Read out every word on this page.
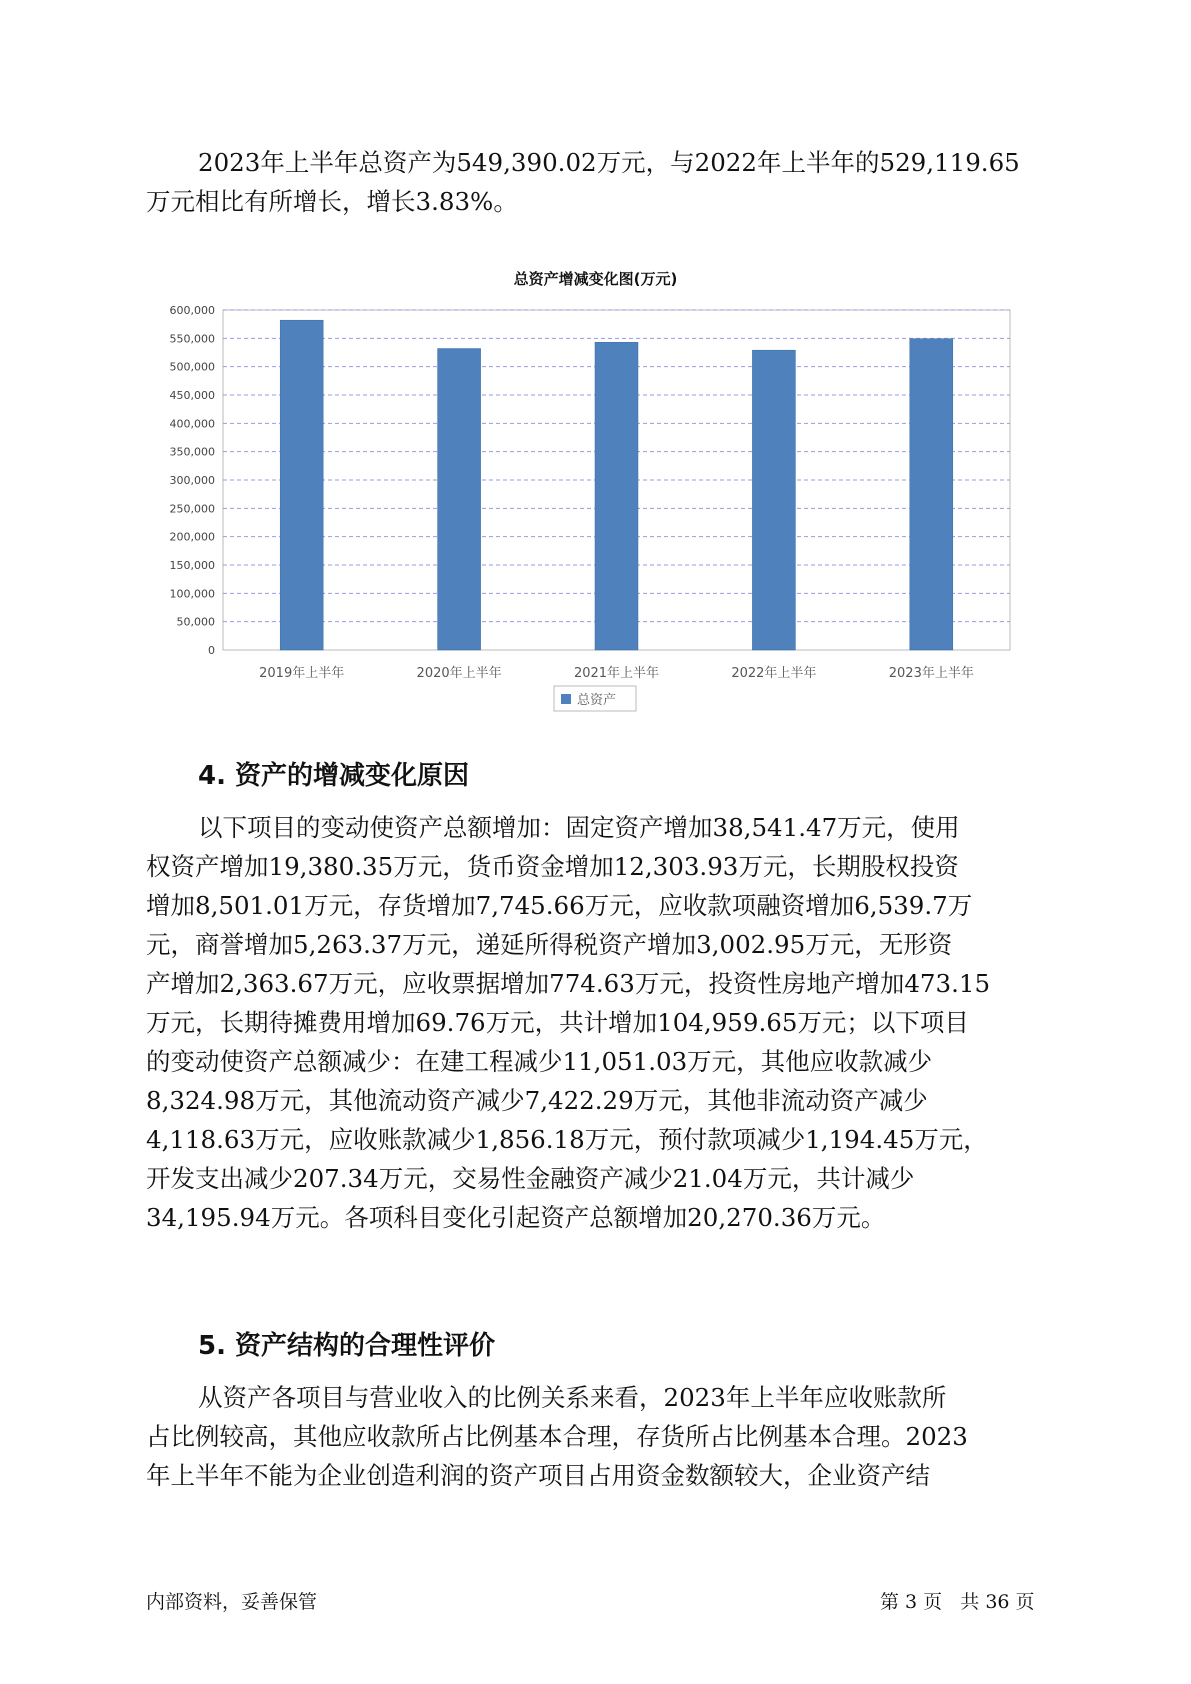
2023年上半年总资产为549,390.02万元，与2022年上半年的529,119.65
万元相比有所增长，增长3.83%。
总资产增减变化图(万元)
0
50,000
100,000
150,000
200,000
250,000
300,000
350,000
400,000
450,000
500,000
550,000
600,000
2019年上半年	2020年上半年	2021年上半年	2022年上半年	2023年上半年
总资产
4. 资产的增减变化原因
以下项目的变动使资产总额增加：固定资产增加38,541.47万元，使用
权资产增加19,380.35万元，货币资金增加12,303.93万元，长期股权投资
增加8,501.01万元，存货增加7,745.66万元，应收款项融资增加6,539.7万
元，商誉增加5,263.37万元，递延所得税资产增加3,002.95万元，无形资
产增加2,363.67万元，应收票据增加774.63万元，投资性房地产增加473.15
万元，长期待摊费用增加69.76万元，共计增加104,959.65万元；以下项目
的变动使资产总额减少：在建工程减少11,051.03万元，其他应收款减少
8,324.98万元，其他流动资产减少7,422.29万元，其他非流动资产减少
4,118.63万元，应收账款减少1,856.18万元，预付款项减少1,194.45万元，
开发支出减少207.34万元，交易性金融资产减少21.04万元，共计减少
34,195.94万元。各项科目变化引起资产总额增加20,270.36万元。
5. 资产结构的合理性评价
从资产各项目与营业收入的比例关系来看，2023年上半年应收账款所
占比例较高，其他应收款所占比例基本合理，存货所占比例基本合理。2023
年上半年不能为企业创造利润的资产项目占用资金数额较大，企业资产结
内部资料，妥善保管	第 3 页   共 36 页
